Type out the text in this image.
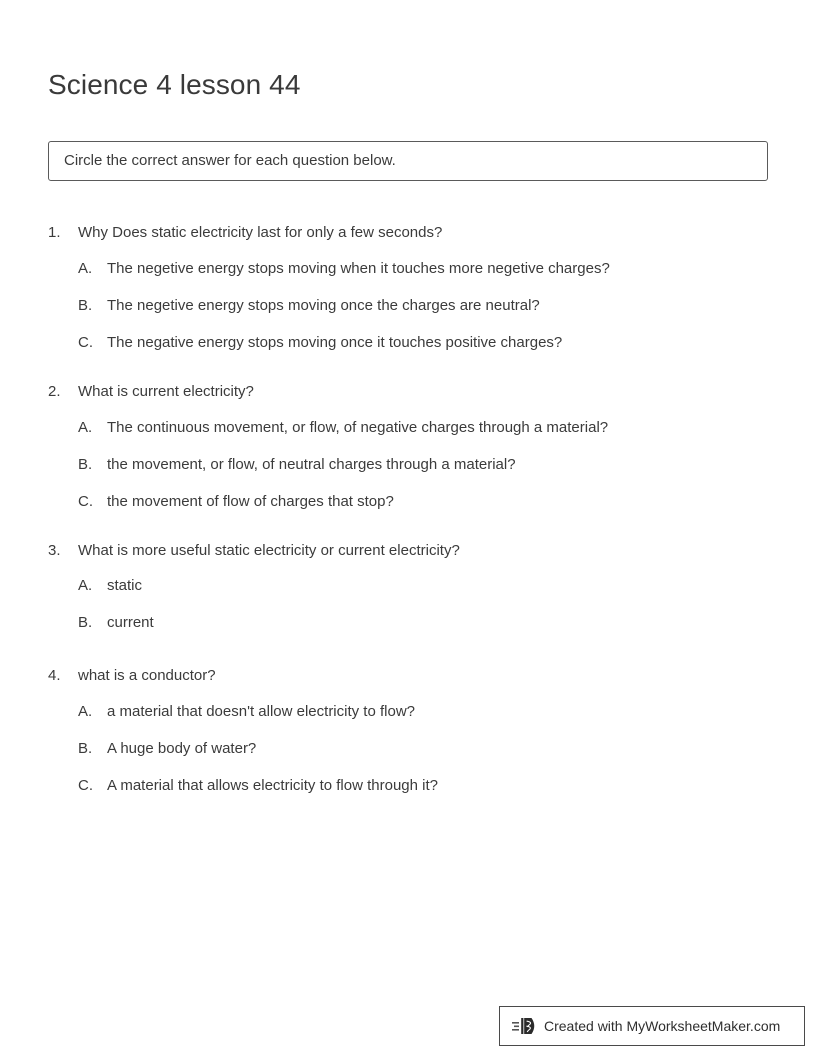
Science 4 lesson 44
Circle the correct answer for each question below.
1.	Why Does static electricity last for only a few seconds?
A. The negetive energy stops moving when it touches more negetive charges?
B. The negetive energy stops moving once the charges are neutral?
C. The negative energy stops moving once it touches positive charges?
2.	What is current electricity?
A. The continuous movement, or flow, of negative charges through a material?
B. the movement, or flow, of neutral charges through a material?
C. the movement of flow of charges that stop?
3.	What is more useful static electricity or current electricity?
A. static
B. current
4.	what is a conductor?
A. a material that doesn't allow electricity to flow?
B. A huge body of water?
C. A material that allows electricity to flow through it?
Created with MyWorksheetMaker.com
